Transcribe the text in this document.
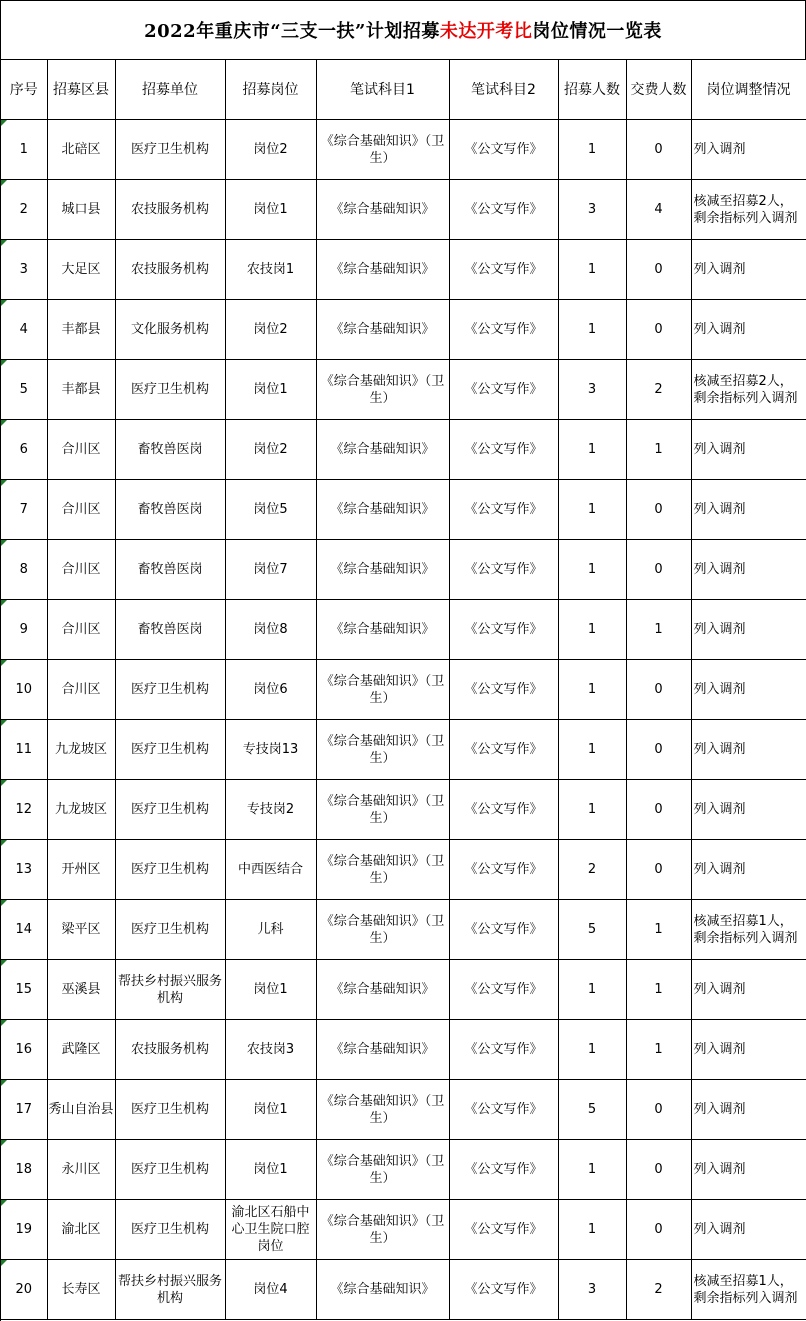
2022年重庆市“三支一扶”计划招募 未达开考比 岗位情况一览表
序号	招募区县	招募单位	招募岗位	笔试科目1	笔试科目2	招募人数	交费人数	岗位调整情况

1	北碚区	医疗卫生机构	岗位2	《综合基础知识》（卫生）	《公文写作》	1	0	列入调剂

2	城口县	农技服务机构	岗位1	《综合基础知识》	《公文写作》	3	4	核减至招募2人，剩余指标列入调剂

3	大足区	农技服务机构	农技岗1	《综合基础知识》	《公文写作》	1	0	列入调剂

4	丰都县	文化服务机构	岗位2	《综合基础知识》	《公文写作》	1	0	列入调剂

5	丰都县	医疗卫生机构	岗位1	《综合基础知识》（卫生）	《公文写作》	3	2	核减至招募2人，剩余指标列入调剂

6	合川区	畜牧兽医岗	岗位2	《综合基础知识》	《公文写作》	1	1	列入调剂

7	合川区	畜牧兽医岗	岗位5	《综合基础知识》	《公文写作》	1	0	列入调剂

8	合川区	畜牧兽医岗	岗位7	《综合基础知识》	《公文写作》	1	0	列入调剂

9	合川区	畜牧兽医岗	岗位8	《综合基础知识》	《公文写作》	1	1	列入调剂

10	合川区	医疗卫生机构	岗位6	《综合基础知识》（卫生）	《公文写作》	1	0	列入调剂

11	九龙坡区	医疗卫生机构	专技岗13	《综合基础知识》（卫生）	《公文写作》	1	0	列入调剂

12	九龙坡区	医疗卫生机构	专技岗2	《综合基础知识》（卫生）	《公文写作》	1	0	列入调剂

13	开州区	医疗卫生机构	中西医结合	《综合基础知识》（卫生）	《公文写作》	2	0	列入调剂

14	梁平区	医疗卫生机构	儿科	《综合基础知识》（卫生）	《公文写作》	5	1	核减至招募1人，剩余指标列入调剂

15	巫溪县	帮扶乡村振兴服务机构	岗位1	《综合基础知识》	《公文写作》	1	1	列入调剂

16	武隆区	农技服务机构	农技岗3	《综合基础知识》	《公文写作》	1	1	列入调剂

17	秀山自治县	医疗卫生机构	岗位1	《综合基础知识》（卫生）	《公文写作》	5	0	列入调剂

18	永川区	医疗卫生机构	岗位1	《综合基础知识》（卫生）	《公文写作》	1	0	列入调剂

19	渝北区	医疗卫生机构	渝北区石船中心卫生院口腔岗位	《综合基础知识》（卫生）	《公文写作》	1	0	列入调剂

20	长寿区	帮扶乡村振兴服务机构	岗位4	《综合基础知识》	《公文写作》	3	2	核减至招募1人，剩余指标列入调剂
